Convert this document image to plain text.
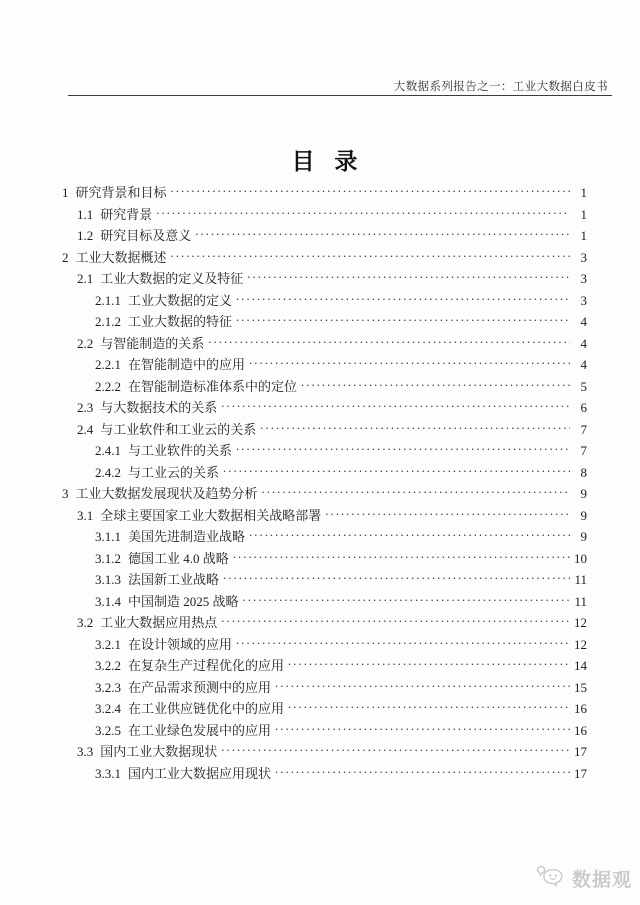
大数据系列报告之一：工业大数据白皮书
目 录
1 研究背景和目标 .....	1
1.1 研究背景 .....	1
1.2 研究目标及意义 .....	1
2 工业大数据概述 .....	3
2.1 工业大数据的定义及特征 .....	3
2.1.1 工业大数据的定义 .....	3
2.1.2 工业大数据的特征 .....	4
2.2 与智能制造的关系 .....	4
2.2.1 在智能制造中的应用 .....	4
2.2.2 在智能制造标准体系中的定位 .....	5
2.3 与大数据技术的关系 .....	6
2.4 与工业软件和工业云的关系 .....	7
2.4.1 与工业软件的关系 .....	7
2.4.2 与工业云的关系 .....	8
3 工业大数据发展现状及趋势分析 .....	9
3.1 全球主要国家工业大数据相关战略部署 .....	9
3.1.1 美国先进制造业战略 .....	9
3.1.2 德国工业 4.0 战略 .....	10
3.1.3 法国新工业战略 .....	11
3.1.4 中国制造 2025 战略 .....	11
3.2 工业大数据应用热点 .....	12
3.2.1 在设计领域的应用 .....	12
3.2.2 在复杂生产过程优化的应用 .....	14
3.2.3 在产品需求预测中的应用 .....	15
3.2.4 在工业供应链优化中的应用 .....	16
3.2.5 在工业绿色发展中的应用 .....	16
3.3 国内工业大数据现状 .....	17
3.3.1 国内工业大数据应用现状 .....	17
数据观
